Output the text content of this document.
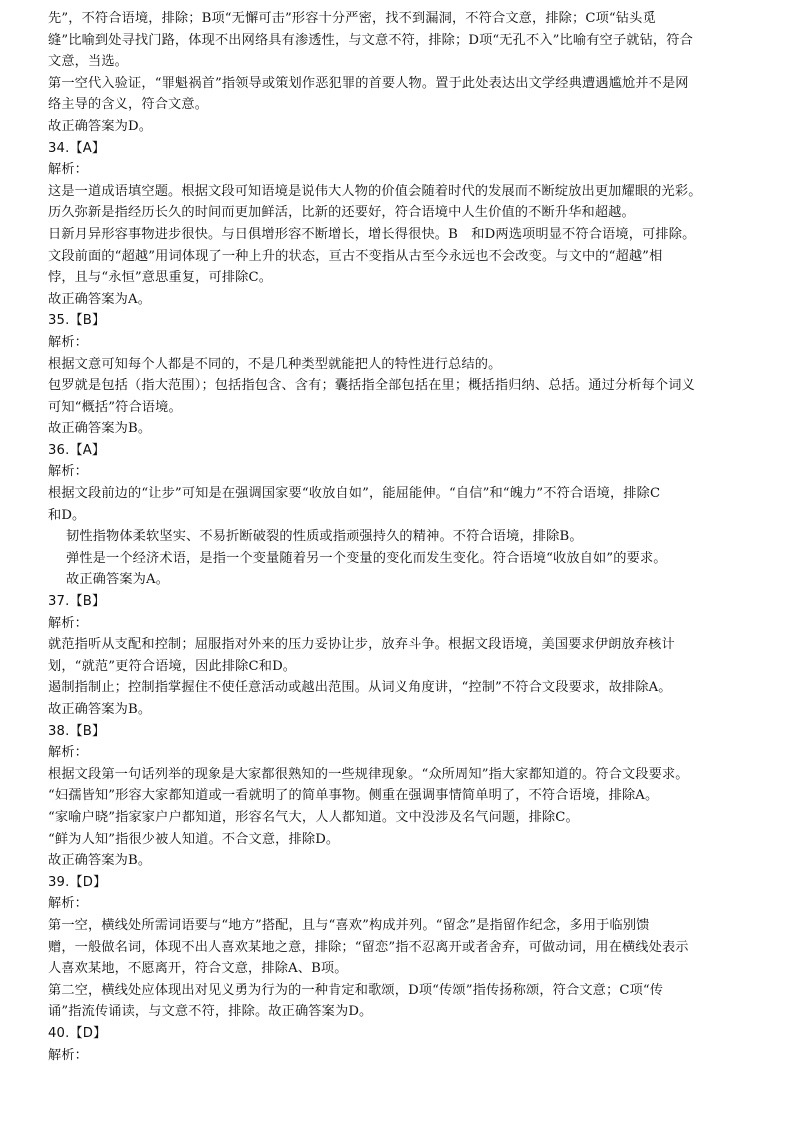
先”，不符合语境，排除；B项“无懈可击”形容十分严密，找不到漏洞，不符合文意，排除；C项“钻头觅
缝”比喻到处寻找门路，体现不出网络具有渗透性，与文意不符，排除；D项“无孔不入”比喻有空子就钻，符合
文意，当选。
第一空代入验证，“罪魁祸首”指领导或策划作恶犯罪的首要人物。置于此处表达出文学经典遭遇尴尬并不是网
络主导的含义，符合文意。
故正确答案为D。
34.【A】
解析：
这是一道成语填空题。根据文段可知语境是说伟大人物的价值会随着时代的发展而不断绽放出更加耀眼的光彩。
历久弥新是指经历长久的时间而更加鲜活，比新的还要好，符合语境中人生价值的不断升华和超越。
日新月异形容事物进步很快。与日俱增形容不断增长，增长得很快。B　和D两选项明显不符合语境，可排除。
文段前面的“超越”用词体现了一种上升的状态，亘古不变指从古至今永远也不会改变。与文中的“超越”相
悖，且与“永恒”意思重复，可排除C。
故正确答案为A。
35.【B】
解析：
根据文意可知每个人都是不同的，不是几种类型就能把人的特性进行总结的。
包罗就是包括（指大范围）；包括指包含、含有；囊括指全部包括在里；概括指归纳、总括。通过分析每个词义
可知“概括”符合语境。
故正确答案为B。
36.【A】
解析：
根据文段前边的“让步”可知是在强调国家要“收放自如”，能屈能伸。“自信”和“魄力”不符合语境，排除C
和D。
韧性指物体柔软坚实、不易折断破裂的性质或指顽强持久的精神。不符合语境，排除B。
弹性是一个经济术语，是指一个变量随着另一个变量的变化而发生变化。符合语境“收放自如”的要求。
故正确答案为A。
37.【B】
解析：
就范指听从支配和控制；屈服指对外来的压力妥协让步，放弃斗争。根据文段语境，美国要求伊朗放弃核计
划，“就范”更符合语境，因此排除C和D。
遏制指制止；控制指掌握住不使任意活动或越出范围。从词义角度讲，“控制”不符合文段要求，故排除A。
故正确答案为B。
38.【B】
解析：
根据文段第一句话列举的现象是大家都很熟知的一些规律现象。“众所周知”指大家都知道的。符合文段要求。
“妇孺皆知”形容大家都知道或一看就明了的简单事物。侧重在强调事情简单明了，不符合语境，排除A。
“家喻户晓”指家家户户都知道，形容名气大，人人都知道。文中没涉及名气问题，排除C。
“鲜为人知”指很少被人知道。不合文意，排除D。
故正确答案为B。
39.【D】
解析：
第一空，横线处所需词语要与“地方”搭配，且与“喜欢”构成并列。“留念”是指留作纪念，多用于临别馈
赠，一般做名词，体现不出人喜欢某地之意，排除；“留恋”指不忍离开或者舍弃，可做动词，用在横线处表示
人喜欢某地，不愿离开，符合文意，排除A、B项。
第二空，横线处应体现出对见义勇为行为的一种肯定和歌颂，D项“传颂”指传扬称颂，符合文意；C项“传
诵”指流传诵读，与文意不符，排除。故正确答案为D。
40.【D】
解析：
